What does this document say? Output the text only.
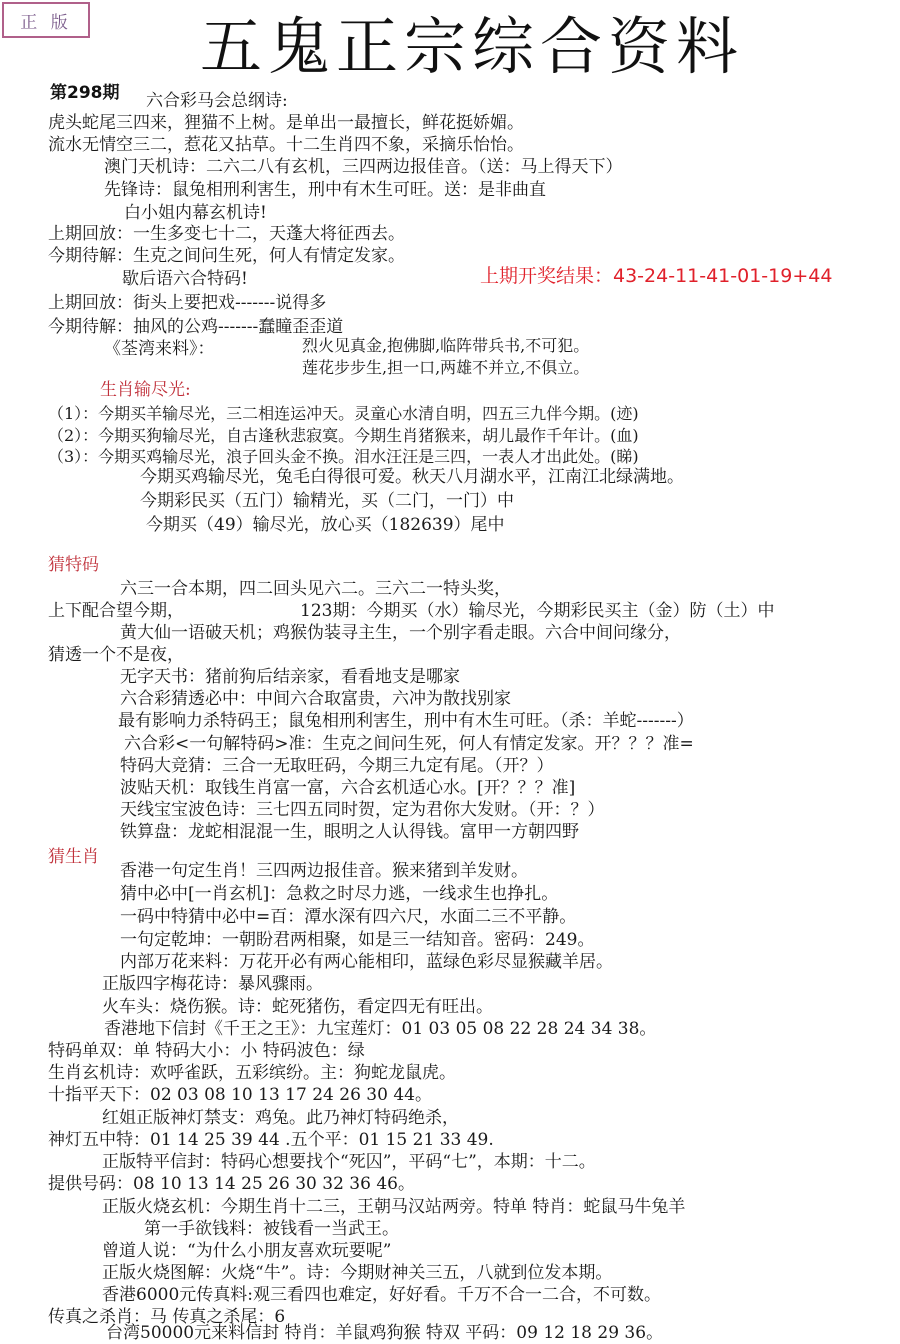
正 版 五鬼正宗综合资料
第298期 六合彩马会总纲诗:
虎头蛇尾三四来，狸猫不上树。是单出一最擅长，鲜花挺娇媚。
流水无情空三二，惹花又拈草。十二生肖四不象，采摘乐怡怡。
澳门天机诗：二六二八有玄机，三四两边报佳音。（送：马上得天下）
先锋诗：鼠兔相刑利害生，刑中有木生可旺。送：是非曲直
白小姐内幕玄机诗!
上期回放：一生多变七十二，天蓬大将征西去。
今期待解：生克之间问生死，何人有情定发家。
歇后语六合特码!
上期回放：街头上要把戏-------说得多
今期待解：抽风的公鸡-------蠢瞳歪歪道
《荃湾来料》：	烈火见真金,抱佛脚,临阵带兵书,不可犯。
莲花步步生,担一口,两雄不并立,不俱立。
上期开奖结果：43-24-11-41-01-19+44
生肖输尽光:
（1）：今期买羊输尽光，三二相连运冲天。灵童心水清自明，四五三九伴今期。(迹)
（2）：今期买狗输尽光，自古逢秋悲寂寞。今期生肖猪猴来，胡儿最作千年计。(血)
（3）：今期买鸡输尽光，浪子回头金不换。泪水汪汪是三四，一表人才出此处。(睇)
今期买鸡输尽光，兔毛白得很可爱。秋天八月湖水平，江南江北绿满地。
今期彩民买（五门）输精光，买（二门，一门）中
今期买（49）输尽光，放心买（182639）尾中
猜特码
六三一合本期，四二回头见六二。三六二一特头奖，
上下配合望今期，	123期：今期买（水）输尽光，今期彩民买主（金）防（土）中
黄大仙一语破天机；鸡猴伪装寻主生，一个别字看走眼。六合中间问缘分，
猜透一个不是夜，
无字天书：猪前狗后结亲家，看看地支是哪家
六合彩猜透必中：中间六合取富贵，六冲为散找别家
最有影响力杀特码王；鼠兔相刑利害生，刑中有木生可旺。（杀：羊蛇-------）
六合彩<一句解特码>准：生克之间问生死，何人有情定发家。开？？？准=
特码大竞猜：三合一无取旺码，今期三九定有尾。（开？）
波贴天机：取钱生肖富一富，六合玄机适心水。[开？？？准]
天线宝宝波色诗：三七四五同时贺，定为君你大发财。（开：？）
铁算盘：龙蛇相混混一生，眼明之人认得钱。富甲一方朝四野
猜生肖
香港一句定生肖！三四两边报佳音。猴来猪到羊发财。
猜中必中[一肖玄机]：急救之时尽力逃，一线求生也挣扎。
一码中特猜中必中=百：潭水深有四六尺，水面二三不平静。
一句定乾坤：一朝盼君两相聚，如是三一结知音。密码：249。
内部万花来料：万花开必有两心能相印，蓝绿色彩尽显猴藏羊居。
正版四字梅花诗：暴风骤雨。
火车头：烧伤猴。诗：蛇死猪伤，看定四无有旺出。
香港地下信封《千王之王》：九宝莲灯：01 03 05 08 22 28 24 34 38。
特码单双：单 特码大小：小 特码波色：绿
生肖玄机诗：欢呼雀跃，五彩缤纷。主：狗蛇龙鼠虎。
十指平天下：02 03 08 10 13 17 24 26 30 44。
红姐正版神灯禁支：鸡兔。此乃神灯特码绝杀，
神灯五中特：01 14 25 39 44 .五个平：01 15 21 33 49.
正版特平信封：特码心想要找个“死囚”，平码“七”，本期：十二。
提供号码：08 10 13 14 25 26 30 32 36 46。
正版火烧玄机：今期生肖十二三，王朝马汉站两旁。特单 特肖：蛇鼠马牛兔羊
第一手欲钱料：被钱看一当武王。
曾道人说：“为什么小朋友喜欢玩要呢”
正版火烧图解：火烧“牛”。诗：今期财神关三五，八就到位发本期。
香港6000元传真料:观三看四也难定，好好看。千万不合一二合，不可数。
传真之杀肖：马 传真之杀尾：6
台湾50000元来料信封 特肖：羊鼠鸡狗猴 特双 平码：09 12 18 29 36。
